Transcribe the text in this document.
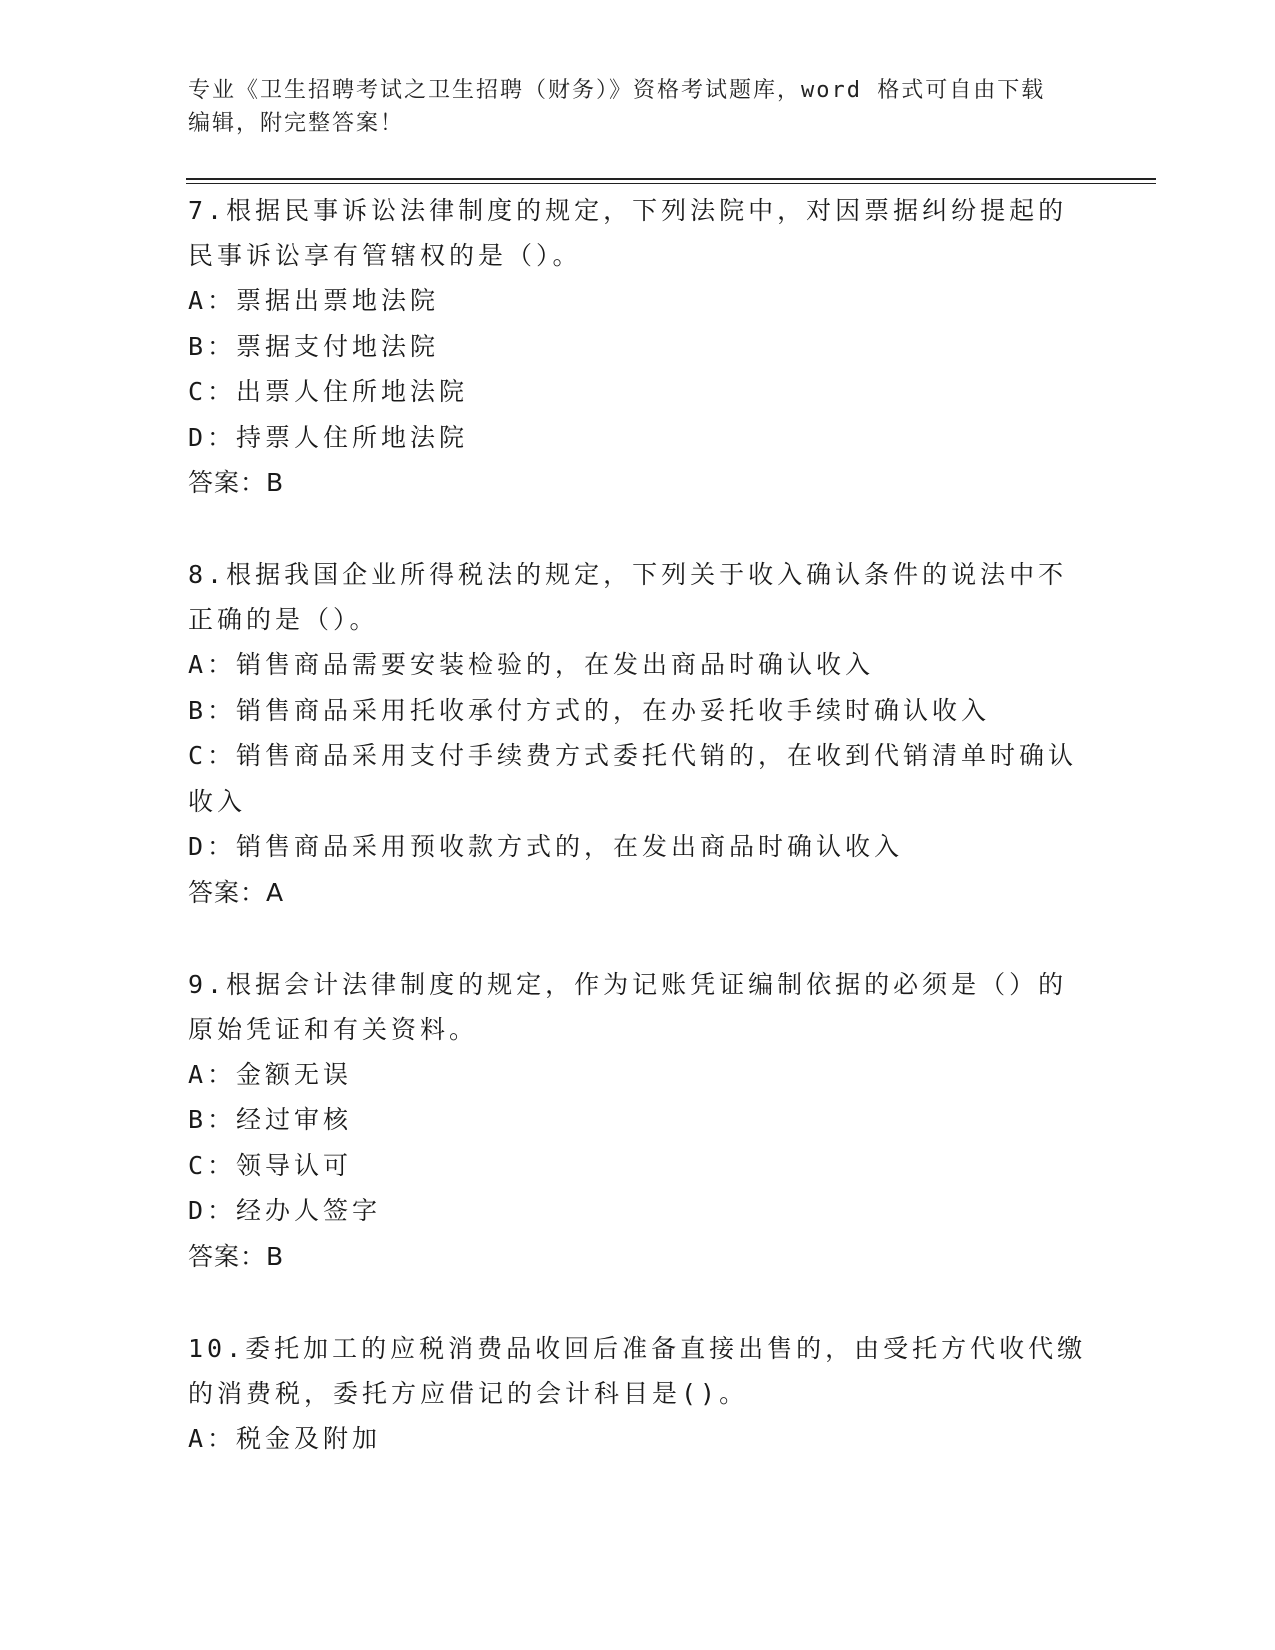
专业《卫生招聘考试之卫生招聘（财务）》资格考试题库，word 格式可自由下载
编辑，附完整答案！

7.根据民事诉讼法律制度的规定，下列法院中，对因票据纠纷提起的民事诉讼享有管辖权的是（）。

A：票据出票地法院

B：票据支付地法院

C：出票人住所地法院

D：持票人住所地法院

答案：B

8.根据我国企业所得税法的规定，下列关于收入确认条件的说法中不正确的是（）。

A：销售商品需要安装检验的，在发出商品时确认收入

B：销售商品采用托收承付方式的，在办妥托收手续时确认收入

C：销售商品采用支付手续费方式委托代销的，在收到代销清单时确认收入

D：销售商品采用预收款方式的，在发出商品时确认收入

答案：A

9.根据会计法律制度的规定，作为记账凭证编制依据的必须是（）的原始凭证和有关资料。

A：金额无误

B：经过审核

C：领导认可

D：经办人签字

答案：B

10.委托加工的应税消费品收回后准备直接出售的，由受托方代收代缴的消费税，委托方应借记的会计科目是()。

A：税金及附加
